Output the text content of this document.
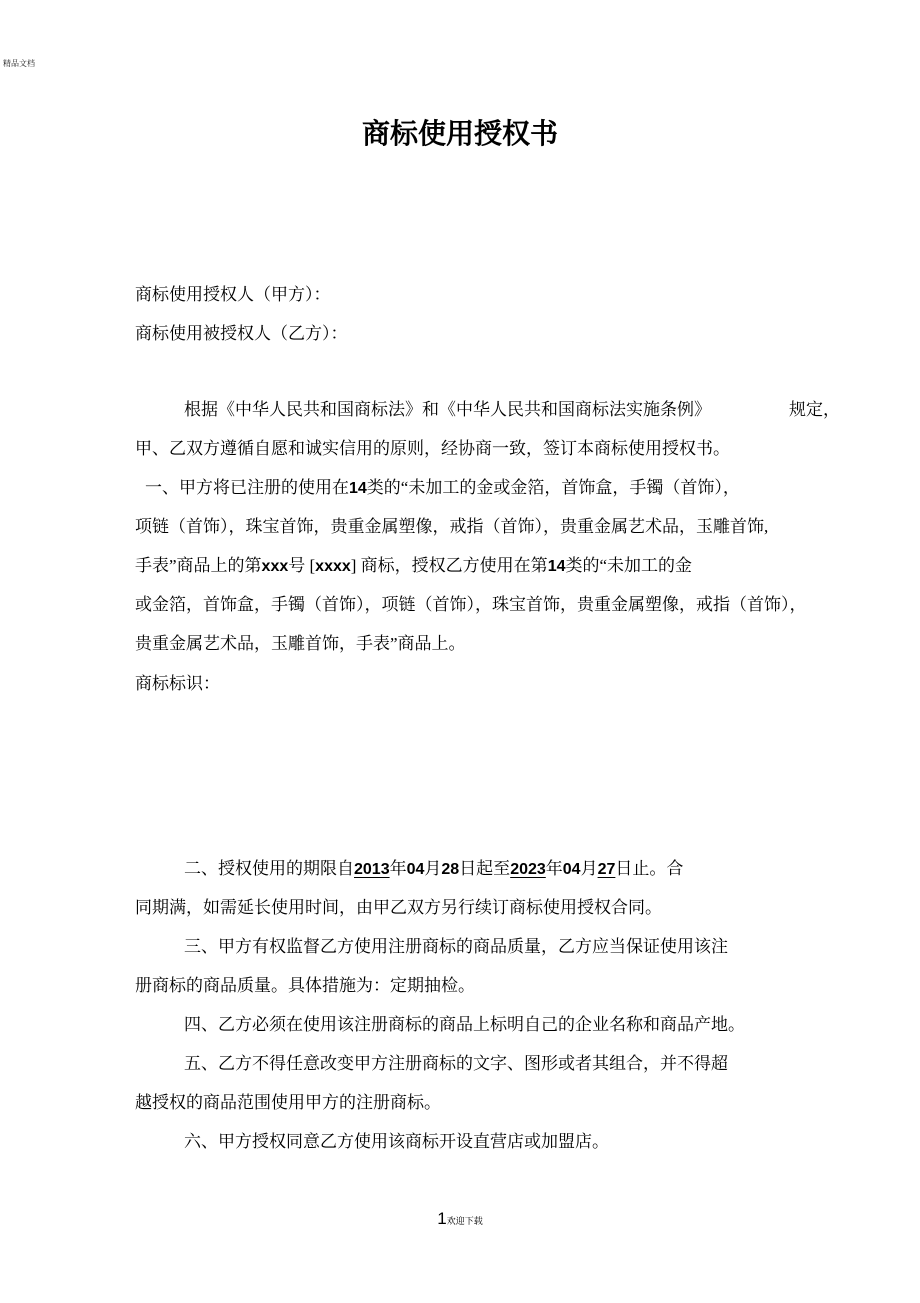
精品文档
商标使用授权书
商标使用授权人（甲方）：
商标使用被授权人（乙方）：
根据《中华人民共和国商标法》和《中华人民共和国商标法实施条例》	规定，
甲、乙双方遵循自愿和诚实信用的原则，经协商一致，签订本商标使用授权书。
一、甲方将已注册的使用在14类的“未加工的金或金箔，首饰盒，手镯（首饰），
项链（首饰），珠宝首饰，贵重金属塑像，戒指（首饰），贵重金属艺术品，玉雕首饰,
手表”商品上的第xxx号 [xxxx] 商标，授权乙方使用在第14类的“未加工的金
或金箔，首饰盒，手镯（首饰），项链（首饰），珠宝首饰，贵重金属塑像，戒指（首饰），
贵重金属艺术品，玉雕首饰，手表”商品上。
商标标识：
二、授权使用的期限自2013年04月28日起至2023年04月27日止。合
同期满，如需延长使用时间，由甲乙双方另行续订商标使用授权合同。
三、甲方有权监督乙方使用注册商标的商品质量，乙方应当保证使用该注
册商标的商品质量。具体措施为：定期抽检。
四、乙方必须在使用该注册商标的商品上标明自己的企业名称和商品产地。
五、乙方不得任意改变甲方注册商标的文字、图形或者其组合，并不得超
越授权的商品范围使用甲方的注册商标。
六、甲方授权同意乙方使用该商标开设直营店或加盟店。
1欢迎下载
